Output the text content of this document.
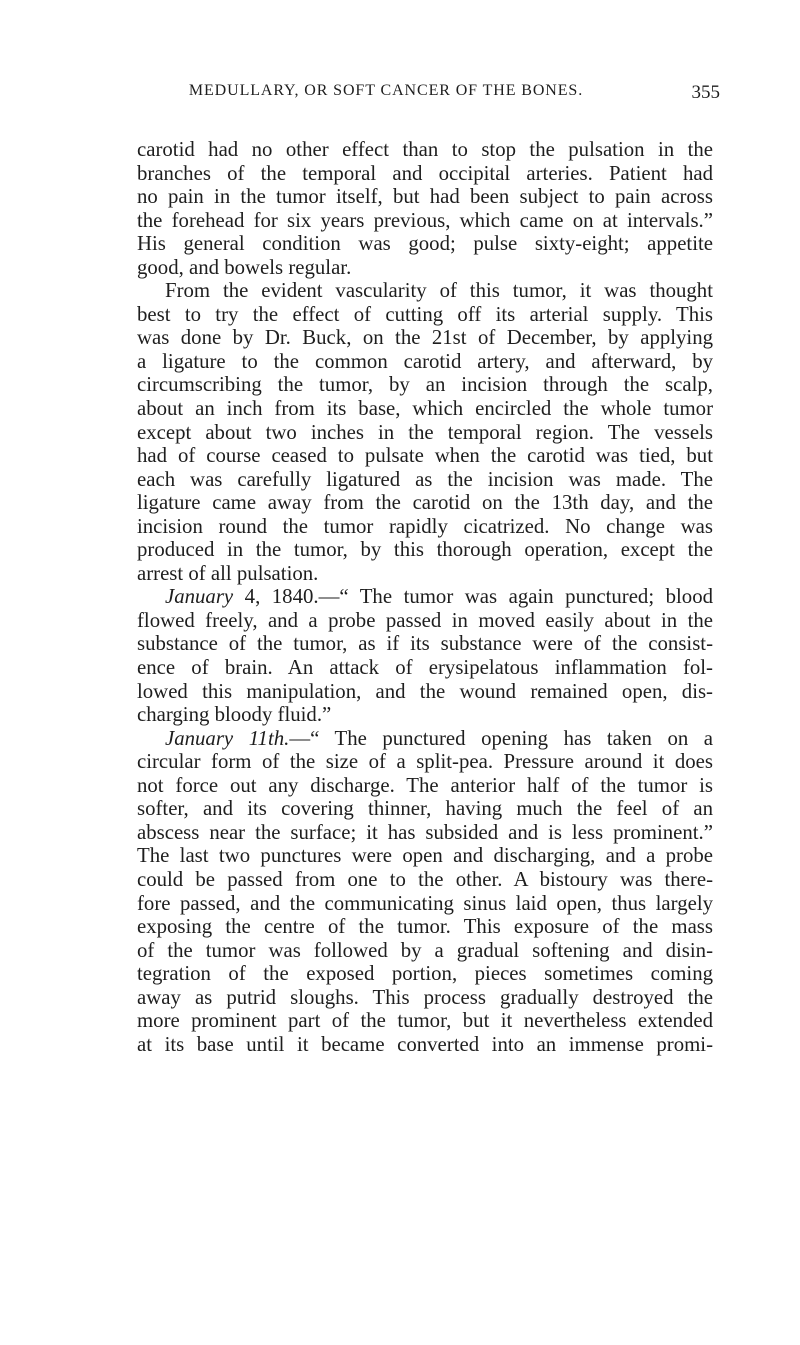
MEDULLARY, OR SOFT CANCER OF THE BONES.	355
carotid had no other effect than to stop the pulsation in the
branches of the temporal and occipital arteries. Patient had
no pain in the tumor itself, but had been subject to pain across
the forehead for six years previous, which came on at intervals.”
His general condition was good; pulse sixty-eight; appetite
good, and bowels regular.
From the evident vascularity of this tumor, it was thought
best to try the effect of cutting off its arterial supply. This
was done by Dr. Buck, on the 21st of December, by applying
a ligature to the common carotid artery, and afterward, by
circumscribing the tumor, by an incision through the scalp,
about an inch from its base, which encircled the whole tumor
except about two inches in the temporal region. The vessels
had of course ceased to pulsate when the carotid was tied, but
each was carefully ligatured as the incision was made. The
ligature came away from the carotid on the 13th day, and the
incision round the tumor rapidly cicatrized. No change was
produced in the tumor, by this thorough operation, except the
arrest of all pulsation.
January 4, 1840.—“ The tumor was again punctured; blood
flowed freely, and a probe passed in moved easily about in the
substance of the tumor, as if its substance were of the consist-
ence of brain. An attack of erysipelatous inflammation fol-
lowed this manipulation, and the wound remained open, dis-
charging bloody fluid.”
January 11th.—“ The punctured opening has taken on a
circular form of the size of a split-pea. Pressure around it does
not force out any discharge. The anterior half of the tumor is
softer, and its covering thinner, having much the feel of an
abscess near the surface; it has subsided and is less prominent.”
The last two punctures were open and discharging, and a probe
could be passed from one to the other. A bistoury was there-
fore passed, and the communicating sinus laid open, thus largely
exposing the centre of the tumor. This exposure of the mass
of the tumor was followed by a gradual softening and disin-
tegration of the exposed portion, pieces sometimes coming
away as putrid sloughs. This process gradually destroyed the
more prominent part of the tumor, but it nevertheless extended
at its base until it became converted into an immense promi-
